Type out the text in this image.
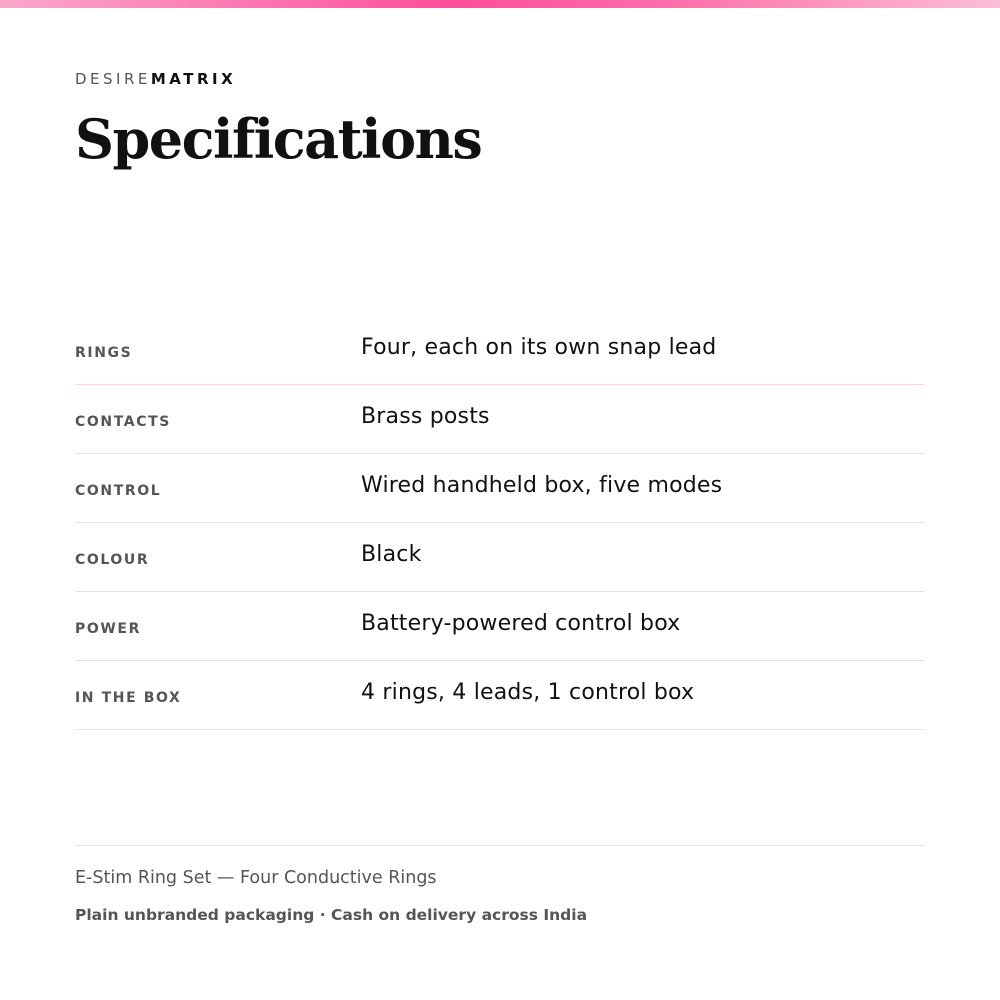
DESIREMATRIX
Specifications
RINGS	Four, each on its own snap lead
CONTACTS	Brass posts
CONTROL	Wired handheld box, five modes
COLOUR	Black
POWER	Battery-powered control box
IN THE BOX	4 rings, 4 leads, 1 control box

E-Stim Ring Set — Four Conductive Rings

Plain unbranded packaging · Cash on delivery across India
